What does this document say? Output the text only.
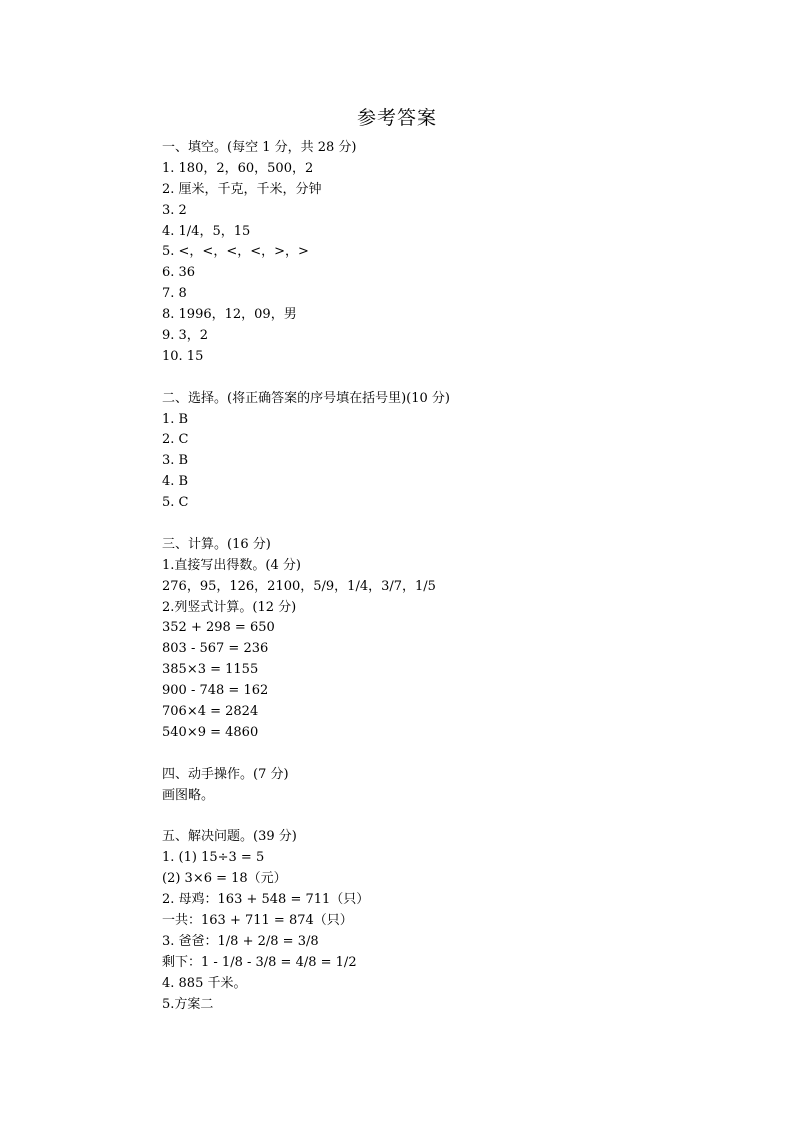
参考答案
一、填空。(每空 1 分，共 28 分)
1. 180，2，60，500，2
2. 厘米，千克，千米，分钟
3. 2
4. 1/4，5，15
5. <，<，<，<，>，>
6. 36
7. 8
8. 1996，12，09，男
9. 3，2
10. 15
二、选择。(将正确答案的序号填在括号里)(10 分)
1. B
2. C
3. B
4. B
5. C
三、计算。(16 分)
1.直接写出得数。(4 分)
276，95，126，2100，5/9，1/4，3/7，1/5
2.列竖式计算。(12 分)
352 + 298 = 650
803 - 567 = 236
385×3 = 1155
900 - 748 = 162
706×4 = 2824
540×9 = 4860
四、动手操作。(7 分)
画图略。
五、解决问题。(39 分)
1. (1) 15÷3 = 5
(2) 3×6 = 18（元）
2. 母鸡：163 + 548 = 711（只）
一共：163 + 711 = 874（只）
3. 爸爸：1/8 + 2/8 = 3/8
剩下：1 - 1/8 - 3/8 = 4/8 = 1/2
4. 885 千米。
5.方案二
